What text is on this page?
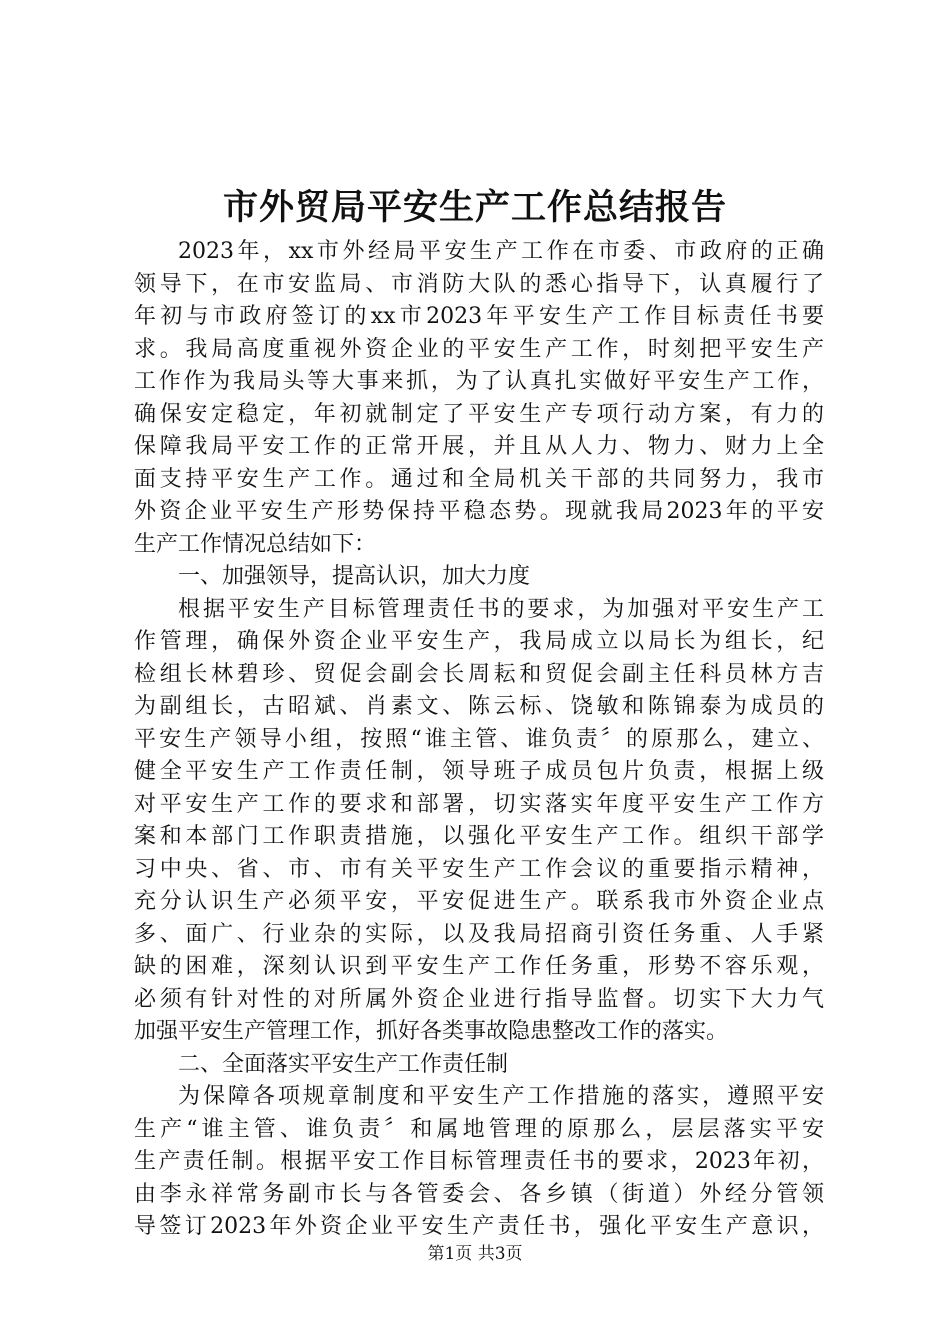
市外贸局平安生产工作总结报告
2023年，xx市外经局平安生产工作在市委、市政府的正确
领导下，在市安监局、市消防大队的悉心指导下，认真履行了
年初与市政府签订的xx市2023年平安生产工作目标责任书要
求。我局高度重视外资企业的平安生产工作，时刻把平安生产
工作作为我局头等大事来抓，为了认真扎实做好平安生产工作，
确保安定稳定，年初就制定了平安生产专项行动方案，有力的
保障我局平安工作的正常开展，并且从人力、物力、财力上全
面支持平安生产工作。通过和全局机关干部的共同努力，我市
外资企业平安生产形势保持平稳态势。现就我局2023年的平安
生产工作情况总结如下：
一、加强领导，提高认识，加大力度
根据平安生产目标管理责任书的要求，为加强对平安生产工
作管理，确保外资企业平安生产，我局成立以局长为组长，纪
检组长林碧珍、贸促会副会长周耘和贸促会副主任科员林方吉
为副组长，古昭斌、肖素文、陈云标、饶敏和陈锦泰为成员的
平安生产领导小组，按照“谁主管、谁负责〞的原那么，建立、
健全平安生产工作责任制，领导班子成员包片负责，根据上级
对平安生产工作的要求和部署，切实落实年度平安生产工作方
案和本部门工作职责措施，以强化平安生产工作。组织干部学
习中央、省、市、市有关平安生产工作会议的重要指示精神，
充分认识生产必须平安，平安促进生产。联系我市外资企业点
多、面广、行业杂的实际，以及我局招商引资任务重、人手紧
缺的困难，深刻认识到平安生产工作任务重，形势不容乐观，
必须有针对性的对所属外资企业进行指导监督。切实下大力气
加强平安生产管理工作，抓好各类事故隐患整改工作的落实。
二、全面落实平安生产工作责任制
为保障各项规章制度和平安生产工作措施的落实，遵照平安
生产“谁主管、谁负责〞和属地管理的原那么，层层落实平安
生产责任制。根据平安工作目标管理责任书的要求，2023年初，
由李永祥常务副市长与各管委会、各乡镇（街道）外经分管领
导签订2023年外资企业平安生产责任书，强化平安生产意识，
第1页 共3页
